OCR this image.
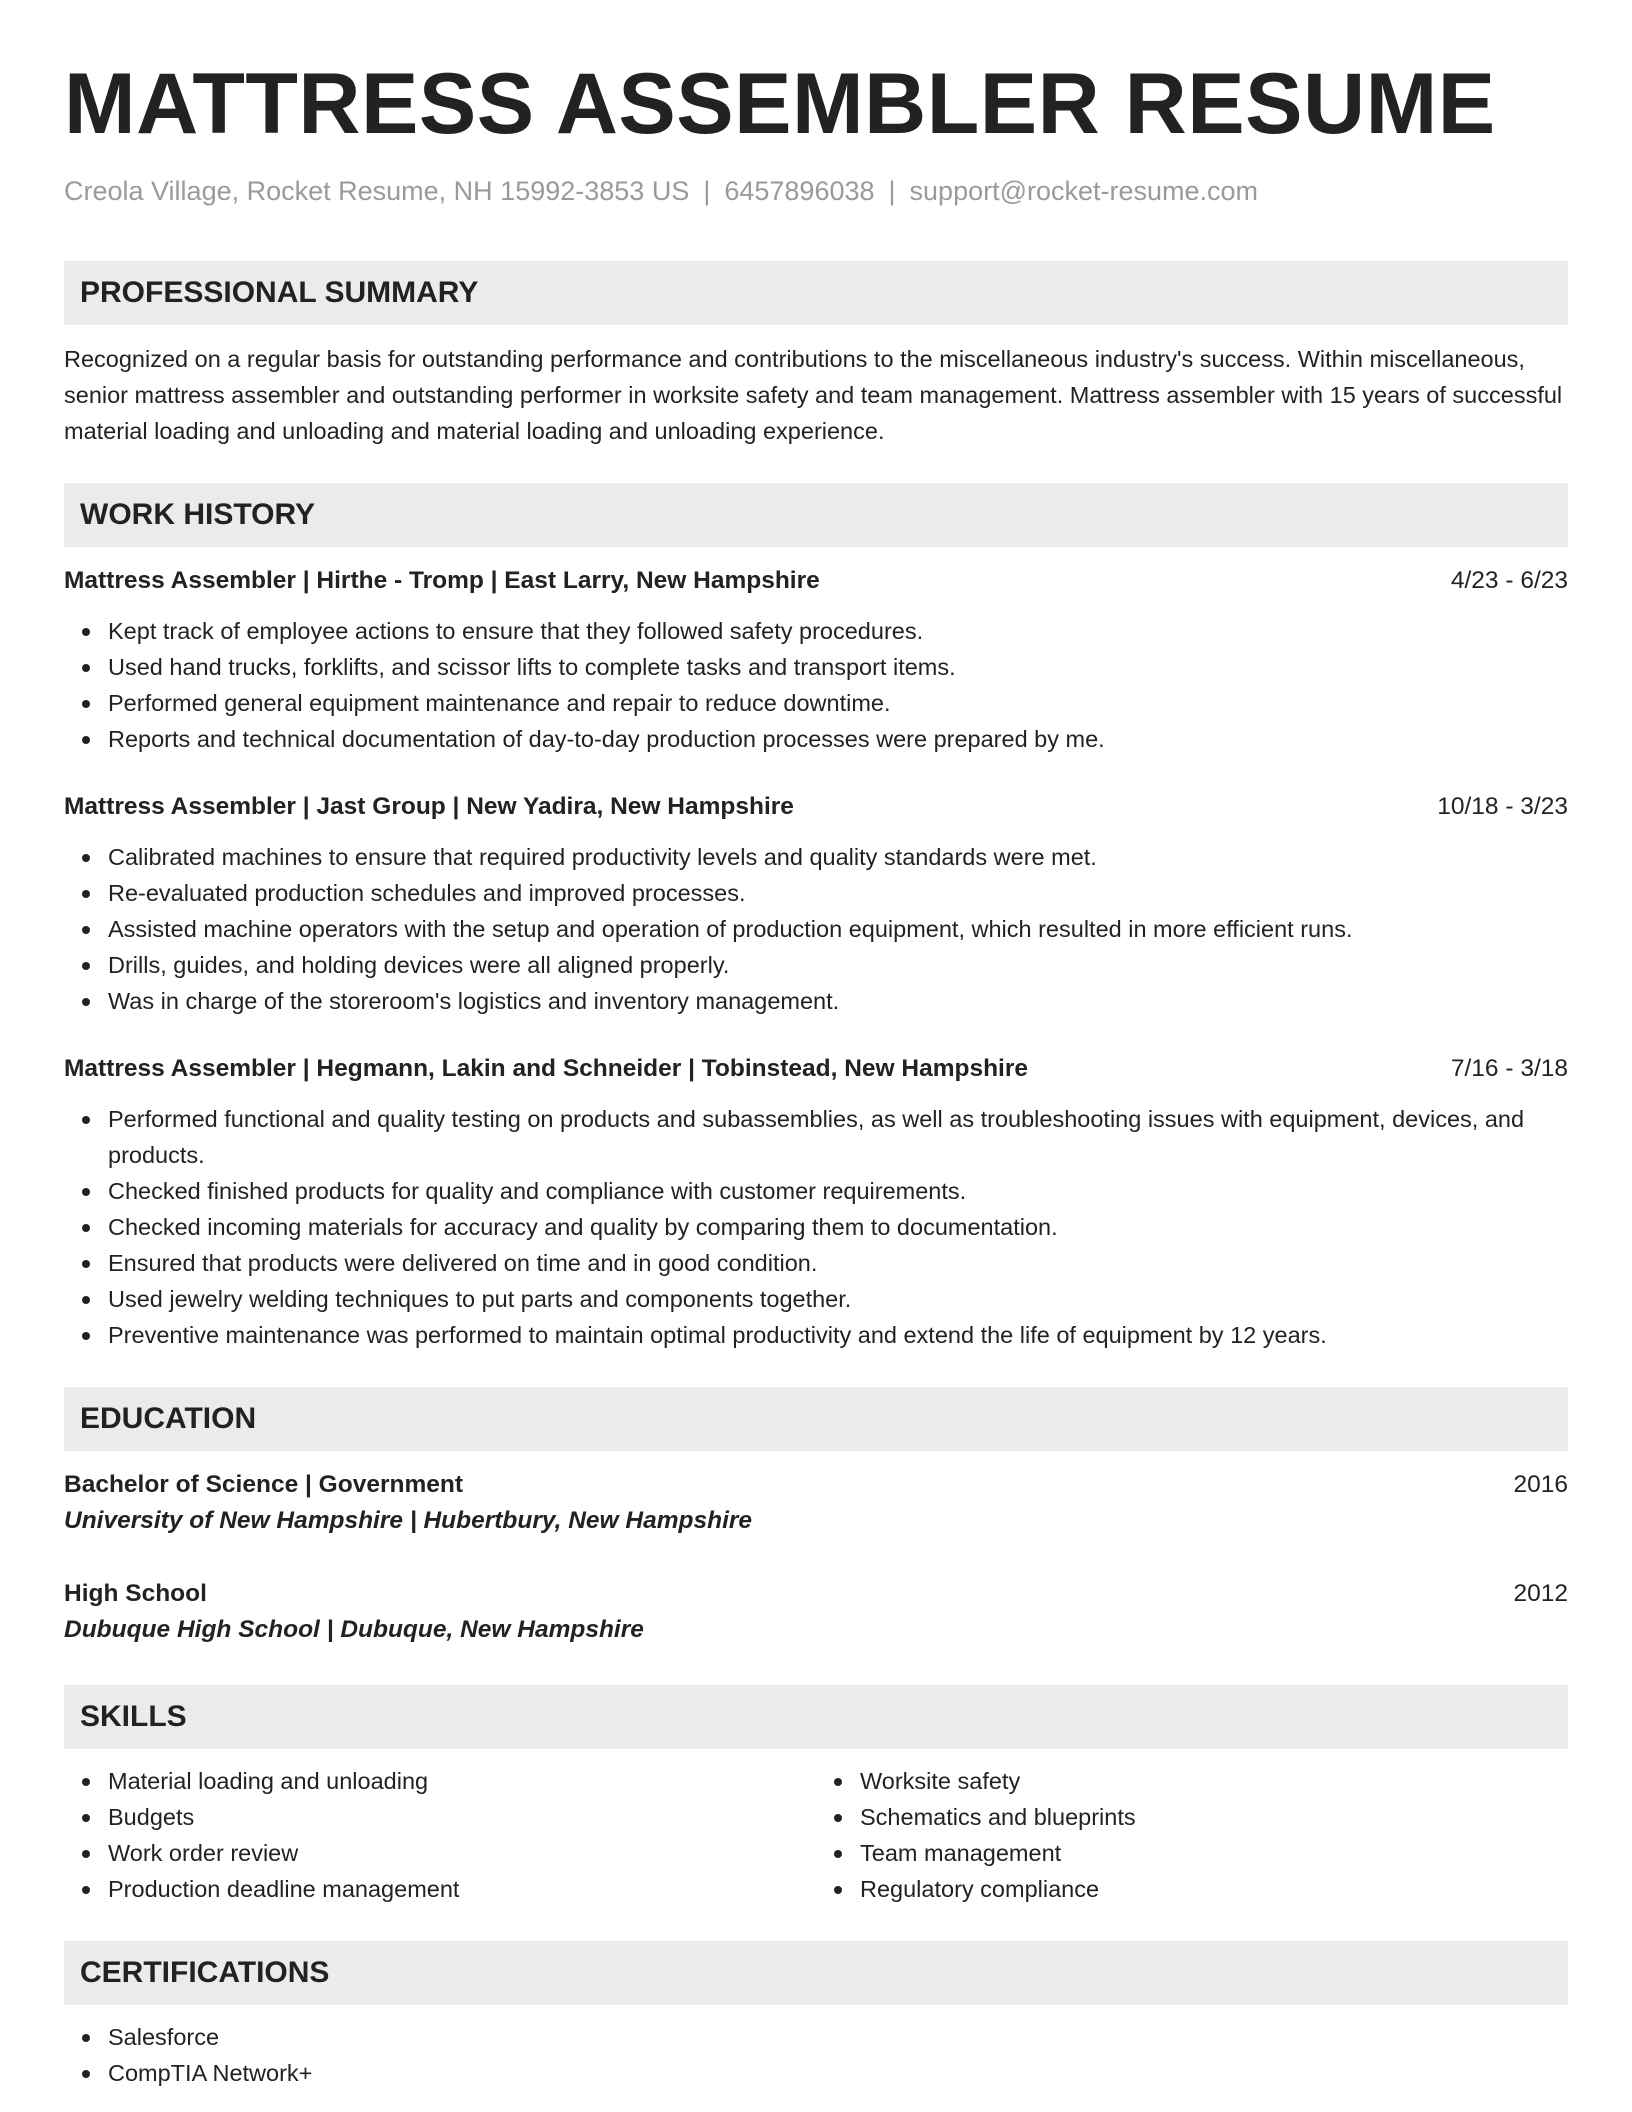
MATTRESS ASSEMBLER RESUME
Creola Village, Rocket Resume, NH 15992-3853 US | 6457896038 | support@rocket-resume.com
PROFESSIONAL SUMMARY

Recognized on a regular basis for outstanding performance and contributions to the miscellaneous industry's success. Within miscellaneous, senior mattress assembler and outstanding performer in worksite safety and team management. Mattress assembler with 15 years of successful material loading and unloading and material loading and unloading experience.

WORK HISTORY
Mattress Assembler | Hirthe - Tromp | East Larry, New Hampshire	4/23 - 6/23
Kept track of employee actions to ensure that they followed safety procedures.
Used hand trucks, forklifts, and scissor lifts to complete tasks and transport items.
Performed general equipment maintenance and repair to reduce downtime.
Reports and technical documentation of day-to-day production processes were prepared by me.
Mattress Assembler | Jast Group | New Yadira, New Hampshire	10/18 - 3/23
Calibrated machines to ensure that required productivity levels and quality standards were met.
Re-evaluated production schedules and improved processes.
Assisted machine operators with the setup and operation of production equipment, which resulted in more efficient runs.
Drills, guides, and holding devices were all aligned properly.
Was in charge of the storeroom's logistics and inventory management.
Mattress Assembler | Hegmann, Lakin and Schneider | Tobinstead, New Hampshire	7/16 - 3/18
Performed functional and quality testing on products and subassemblies, as well as troubleshooting issues with equipment, devices, and products.
Checked finished products for quality and compliance with customer requirements.
Checked incoming materials for accuracy and quality by comparing them to documentation.
Ensured that products were delivered on time and in good condition.
Used jewelry welding techniques to put parts and components together.
Preventive maintenance was performed to maintain optimal productivity and extend the life of equipment by 12 years.
EDUCATION
Bachelor of Science | Government	2016
University of New Hampshire | Hubertbury, New Hampshire
High School	2012
Dubuque High School | Dubuque, New Hampshire
SKILLS
Material loading and unloading
Budgets
Work order review
Production deadline management
Worksite safety
Schematics and blueprints
Team management
Regulatory compliance
CERTIFICATIONS
Salesforce
CompTIA Network+
